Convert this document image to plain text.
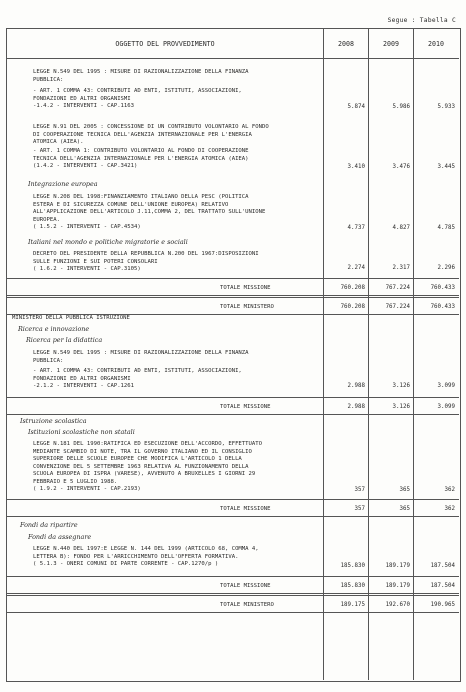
Segue : Tabella C
OGGETTO DEL PROVVEDIMENTO	2008	2009	2010
LEGGE N.549 DEL 1995 : MISURE DI RAZIONALIZZAZIONE DELLA FINANZA
PUBBLICA:
- ART. 1 COMMA 43: CONTRIBUTI AD ENTI, ISTITUTI, ASSOCIAZIONI,
FONDAZIONI ED ALTRI ORGANISMI
-1.4.2 - INTERVENTI - CAP.1163	5.874	5.986	5.933
LEGGE N.91 DEL 2005 : CONCESSIONE DI UN CONTRIBUTO VOLONTARIO AL FONDO
DI COOPERAZIONE TECNICA DELL'AGENZIA INTERNAZIONALE PER L'ENERGIA
ATOMICA (AIEA).
- ART. 1 COMMA 1: CONTRIBUTO VOLONTARIO AL FONDO DI COOPERAZIONE
TECNICA DELL'AGENZIA INTERNAZIONALE PER L'ENERGIA ATOMICA (AIEA)
(1.4.2 - INTERVENTI - CAP.3421)	3.410	3.476	3.445
Integrazione europea
LEGGE N.208 DEL 1998:FINANZIAMENTO ITALIANO DELLA PESC (POLITICA
ESTERA E DI SICUREZZA COMUNE DELL'UNIONE EUROPEA) RELATIVO
ALL'APPLICAZIONE DELL'ARTICOLO J.11,COMMA 2, DEL TRATTATO SULL'UNIONE
EUROPEA.
( 1.5.2 - INTERVENTI - CAP.4534)	4.737	4.827	4.785
Italiani nel mondo e politiche migratorie e sociali
DECRETO DEL PRESIDENTE DELLA REPUBBLICA N.200 DEL 1967:DISPOSIZIONI
SULLE FUNZIONI E SUI POTERI CONSOLARI
( 1.6.2 - INTERVENTI - CAP.3105)	2.274	2.317	2.296
TOTALE MISSIONE	760.208	767.224	760.433
TOTALE MINISTERO	760.208	767.224	760.433
MINISTERO DELLA PUBBLICA ISTRUZIONE
Ricerca e innovazione
Ricerca per la didattica
LEGGE N.549 DEL 1995 : MISURE DI RAZIONALIZZAZIONE DELLA FINANZA
PUBBLICA:
- ART. 1 COMMA 43: CONTRIBUTI AD ENTI, ISTITUTI, ASSOCIAZIONI,
FONDAZIONI ED ALTRI ORGANISMI
-2.1.2 - INTERVENTI - CAP.1261	2.988	3.126	3.099
TOTALE MISSIONE	2.988	3.126	3.099
Istruzione scolastica
Istituzioni scolastiche non statali
LEGGE N.181 DEL 1990:RATIFICA ED ESECUZIONE DELL'ACCORDO, EFFETTUATO
MEDIANTE SCAMBIO DI NOTE, TRA IL GOVERNO ITALIANO ED IL CONSIGLIO
SUPERIORE DELLE SCUOLE EUROPEE CHE MODIFICA L'ARTICOLO 1 DELLA
CONVENZIONE DEL 5 SETTEMBRE 1963 RELATIVA AL FUNZIONAMENTO DELLA
SCUOLA EUROPEA DI ISPRA (VARESE), AVVENUTO A BRUXELLES I GIORNI 29
FEBBRAIO E 5 LUGLIO 1988.
( 1.9.2 - INTERVENTI - CAP.2193)	357	365	362
TOTALE MISSIONE	357	365	362
Fondi da ripartire
Fondi da assegnare
LEGGE N.440 DEL 1997:E LEGGE N. 144 DEL 1999 (ARTICOLO 68, COMMA 4,
LETTERA B): FONDO PER L'ARRICCHIMENTO DELL'OFFERTA FORMATIVA.
( 5.1.3 - ONERI COMUNI DI PARTE CORRENTE - CAP.1270/p )	185.830	189.179	187.504
TOTALE MISSIONE	185.830	189.179	187.504
TOTALE MINISTERO	189.175	192.670	190.965
